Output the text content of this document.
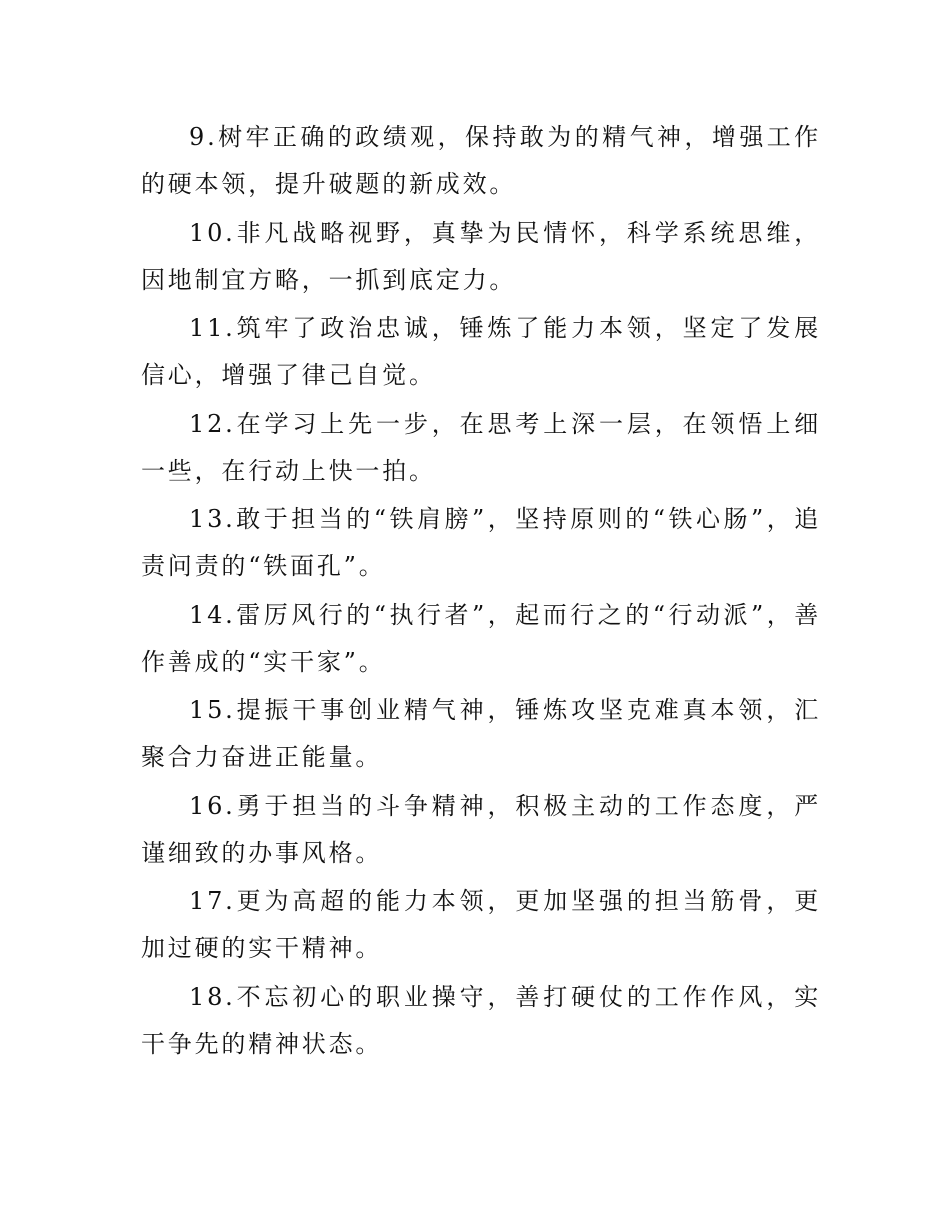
9.树牢正确的政绩观，保持敢为的精气神，增强工作的硬本领，提升破题的新成效。

10.非凡战略视野，真挚为民情怀，科学系统思维，因地制宜方略，一抓到底定力。

11.筑牢了政治忠诚，锤炼了能力本领，坚定了发展信心，增强了律己自觉。

12.在学习上先一步，在思考上深一层，在领悟上细一些，在行动上快一拍。

13.敢于担当的“铁肩膀”，坚持原则的“铁心肠”，追责问责的“铁面孔”。

14.雷厉风行的“执行者”，起而行之的“行动派”，善作善成的“实干家”。

15.提振干事创业精气神，锤炼攻坚克难真本领，汇聚合力奋进正能量。

16.勇于担当的斗争精神，积极主动的工作态度，严谨细致的办事风格。

17.更为高超的能力本领，更加坚强的担当筋骨，更加过硬的实干精神。

18.不忘初心的职业操守，善打硬仗的工作作风，实干争先的精神状态。
